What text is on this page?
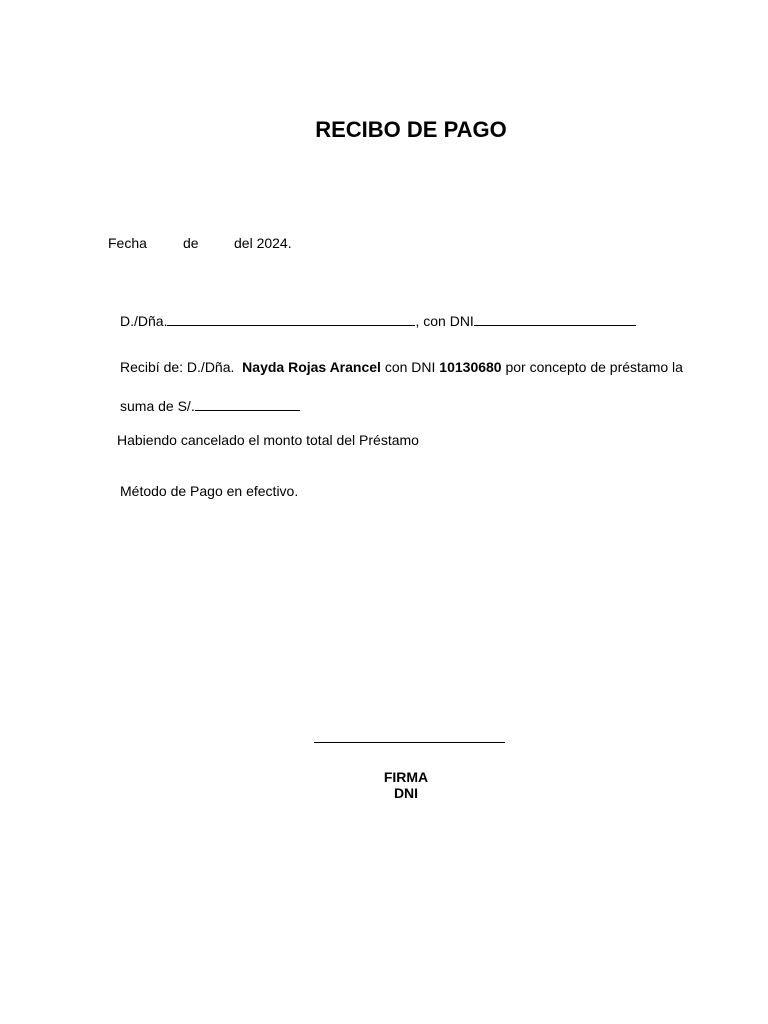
RECIBO DE PAGO
Fecha	de	del 2024.
D./Dña.	, con DNI
Recibí de: D./Dña. Nayda Rojas Arancel con DNI 10130680 por concepto de préstamo la
suma de S/.
Habiendo cancelado el monto total del Préstamo
Método de Pago en efectivo.
FIRMA
DNI
